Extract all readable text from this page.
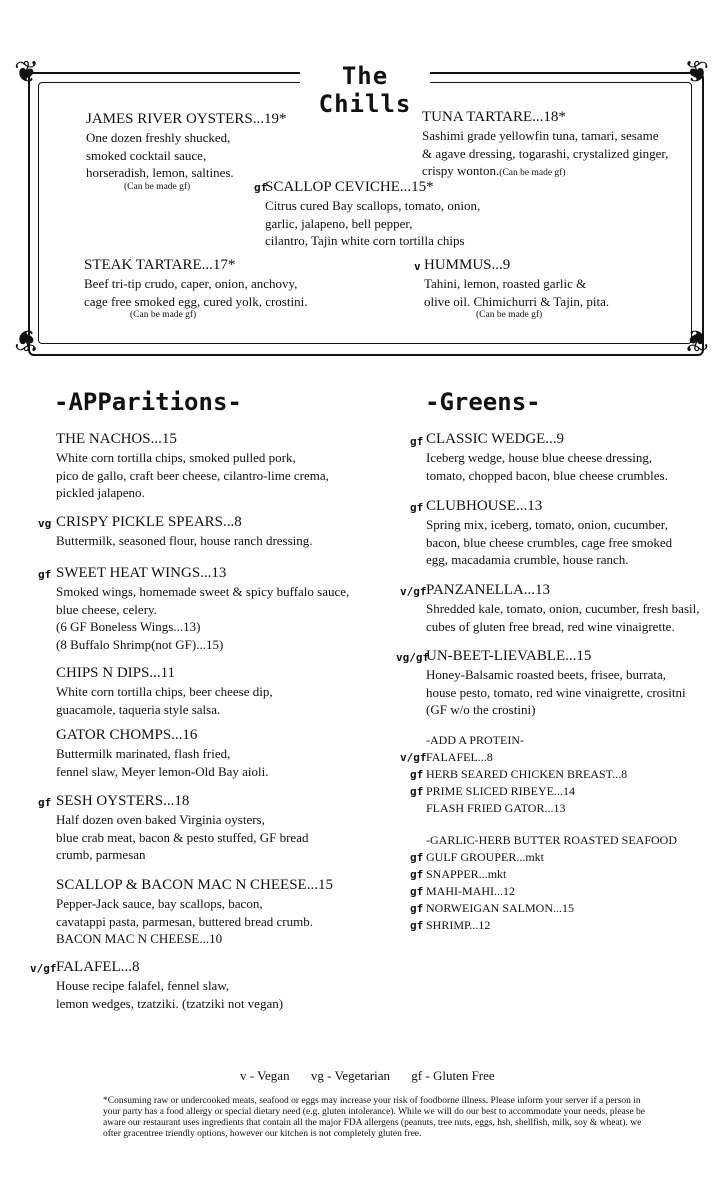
❦	❦
❦	❦
The Chills
JAMES RIVER OYSTERS...19*
One dozen freshly shucked,
smoked cocktail sauce,
horseradish, lemon, saltines.
(Can be made gf)
TUNA TARTARE...18*
Sashimi grade yellowfin tuna, tamari, sesame
& agave dressing, togarashi, crystalized ginger,
crispy wonton.(Can be made gf)
gf
SCALLOP CEVICHE...15*
Citrus cured Bay scallops, tomato, onion,
garlic, jalapeno, bell pepper,
cilantro, Tajin white corn tortilla chips
STEAK TARTARE...17*
Beef tri-tip crudo, caper, onion, anchovy,
cage free smoked egg, cured yolk, crostini.
(Can be made gf)
v HUMMUS...9
Tahini, lemon, roasted garlic &
olive oil. Chimichurri & Tajin, pita.
(Can be made gf)
-APParitions-
THE NACHOS...15
White corn tortilla chips, smoked pulled pork,
pico de gallo, craft beer cheese, cilantro-lime crema,
pickled jalapeno.
vg CRISPY PICKLE SPEARS...8
Buttermilk, seasoned flour, house ranch dressing.
gf SWEET HEAT WINGS...13
Smoked wings, homemade sweet & spicy buffalo sauce,
blue cheese, celery.
(6 GF Boneless Wings...13)
(8 Buffalo Shrimp(not GF)...15)
CHIPS N DIPS...11
White corn tortilla chips, beer cheese dip,
guacamole, taqueria style salsa.
GATOR CHOMPS...16
Buttermilk marinated, flash fried,
fennel slaw, Meyer lemon-Old Bay aioli.
gf SESH OYSTERS...18
Half dozen oven baked Virginia oysters,
blue crab meat, bacon & pesto stuffed, GF bread
crumb, parmesan
SCALLOP & BACON MAC N CHEESE...15
Pepper-Jack sauce, bay scallops, bacon,
cavatappi pasta, parmesan, buttered bread crumb.
BACON MAC N CHEESE...10
v/gf FALAFEL...8
House recipe falafel, fennel slaw,
lemon wedges, tzatziki. (tzatziki not vegan)
-Greens-
gf CLASSIC WEDGE...9
Iceberg wedge, house blue cheese dressing,
tomato, chopped bacon, blue cheese crumbles.
gf CLUBHOUSE...13
Spring mix, iceberg, tomato, onion, cucumber,
bacon, blue cheese crumbles, cage free smoked
egg, macadamia crumble, house ranch.
v/gf PANZANELLA...13
Shredded kale, tomato, onion, cucumber, fresh basil,
cubes of gluten free bread, red wine vinaigrette.
vg/gf
UN-BEET-LIEVABLE...15
Honey-Balsamic roasted beets, frisee, burrata,
house pesto, tomato, red wine vinaigrette, crositni
(GF w/o the crostini)
-ADD A PROTEIN-
v/gf FALAFEL...8
gf HERB SEARED CHICKEN BREAST...8
gf PRIME SLICED RIBEYE...14
FLASH FRIED GATOR...13
-GARLIC-HERB BUTTER ROASTED SEAFOOD
gf GULF GROUPER...mkt
gf SNAPPER...mkt
gf MAHI-MAHI...12
gf NORWEIGAN SALMON...15
gf SHRIMP...12
v - Vegan vg - Vegetarian gf - Gluten Free
*Consuming raw or undercooked meats, seafood or eggs may increase your risk of foodborne illness. Please inform your server if a person in your party has a food allergy or special dietary need (e.g. gluten intolerance). While we will do our best to accommodate your needs, please be aware our restaurant uses ingredients that contain all the major FDA allergens (peanuts, tree nuts, eggs, hsh, shellfish, milk, soy & wheat). we ofter gracentree triendly options, however our kitchen is not completely gluten free.
